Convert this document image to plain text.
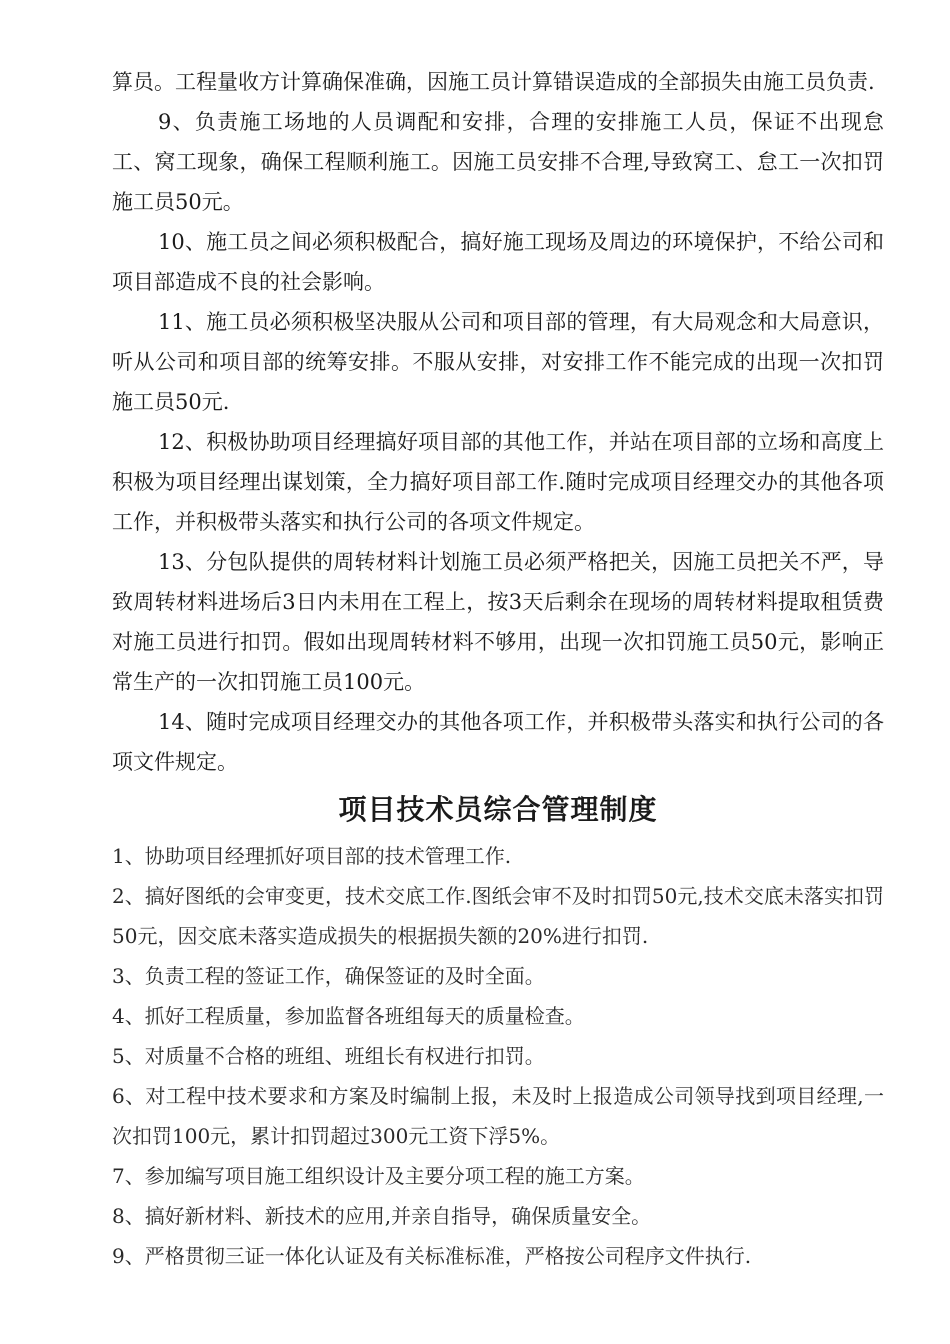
算员。工程量收方计算确保准确，因施工员计算错误造成的全部损失由施工员负责.

9、负责施工场地的人员调配和安排，合理的安排施工人员，保证不出现怠工、窝工现象，确保工程顺利施工。因施工员安排不合理,导致窝工、怠工一次扣罚施工员50元。

10、施工员之间必须积极配合，搞好施工现场及周边的环境保护，不给公司和项目部造成不良的社会影响。

11、施工员必须积极坚决服从公司和项目部的管理，有大局观念和大局意识，听从公司和项目部的统筹安排。不服从安排，对安排工作不能完成的出现一次扣罚施工员50元.

12、积极协助项目经理搞好项目部的其他工作，并站在项目部的立场和高度上积极为项目经理出谋划策，全力搞好项目部工作.随时完成项目经理交办的其他各项工作，并积极带头落实和执行公司的各项文件规定。

13、分包队提供的周转材料计划施工员必须严格把关，因施工员把关不严，导致周转材料进场后3日内未用在工程上，按3天后剩余在现场的周转材料提取租赁费对施工员进行扣罚。假如出现周转材料不够用，出现一次扣罚施工员50元，影响正常生产的一次扣罚施工员100元。

14、随时完成项目经理交办的其他各项工作，并积极带头落实和执行公司的各项文件规定。

项目技术员综合管理制度

1、协助项目经理抓好项目部的技术管理工作.

2、搞好图纸的会审变更，技术交底工作.图纸会审不及时扣罚50元,技术交底未落实扣罚50元，因交底未落实造成损失的根据损失额的20%进行扣罚.

3、负责工程的签证工作，确保签证的及时全面。

4、抓好工程质量，参加监督各班组每天的质量检查。

5、对质量不合格的班组、班组长有权进行扣罚。

6、对工程中技术要求和方案及时编制上报，未及时上报造成公司领导找到项目经理,一次扣罚100元，累计扣罚超过300元工资下浮5%。

7、参加编写项目施工组织设计及主要分项工程的施工方案。

8、搞好新材料、新技术的应用,并亲自指导，确保质量安全。

9、严格贯彻三证一体化认证及有关标准标准，严格按公司程序文件执行.
